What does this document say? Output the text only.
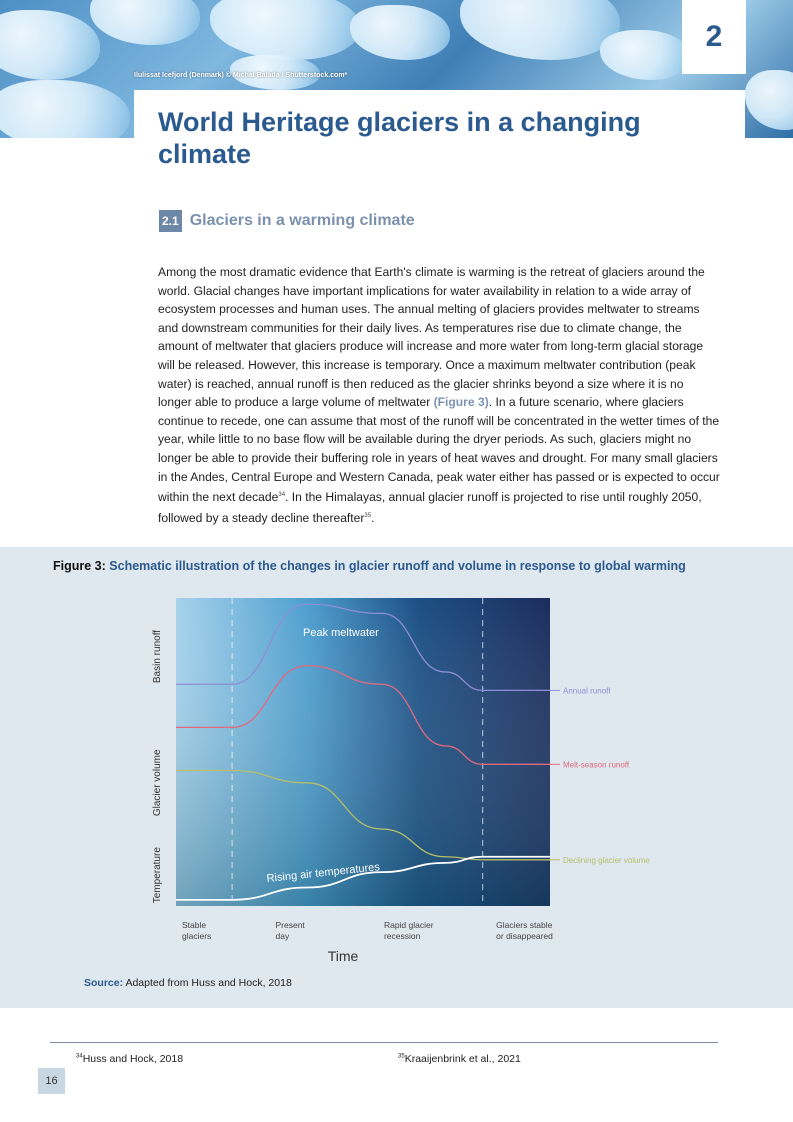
Ilulissat Icefjord (Denmark) © Michal Balada / Shutterstock.com*
2
World Heritage glaciers in a changing climate
2.1 Glaciers in a warming climate

Among the most dramatic evidence that Earth's climate is warming is the retreat of glaciers around the world. Glacial changes have important implications for water availability in relation to a wide array of ecosystem processes and human uses. The annual melting of glaciers provides meltwater to streams and downstream communities for their daily lives. As temperatures rise due to climate change, the amount of meltwater that glaciers produce will increase and more water from long-term glacial storage will be released. However, this increase is temporary. Once a maximum meltwater contribution (peak water) is reached, annual runoff is then reduced as the glacier shrinks beyond a size where it is no longer able to produce a large volume of meltwater (Figure 3). In a future scenario, where glaciers continue to recede, one can assume that most of the runoff will be concentrated in the wetter times of the year, while little to no base flow will be available during the dryer periods. As such, glaciers might no longer be able to provide their buffering role in years of heat waves and drought. For many small glaciers in the Andes, Central Europe and Western Canada, peak water either has passed or is expected to occur within the next decade$^{34}$. In the Himalayas, annual glacier runoff is projected to rise until roughly 2050, followed by a steady decline thereafter$^{35}$.

Figure 3: Schematic illustration of the changes in glacier runoff and volume in response to global warming
Annual runoff
Melt-season runoff
Declining glacier volume
Basin runoff
Glacier volume
Temperature
Stable glaciers
Present day
Rapid glacier recession
Glaciers stable or disappeared
Peak meltwater
Rising air temperatures
Time
Source: Adapted from Huss and Hock, 2018
$^{34}$Huss and Hock, 2018	$^{35}$Kraaijenbrink et al., 2021
16
